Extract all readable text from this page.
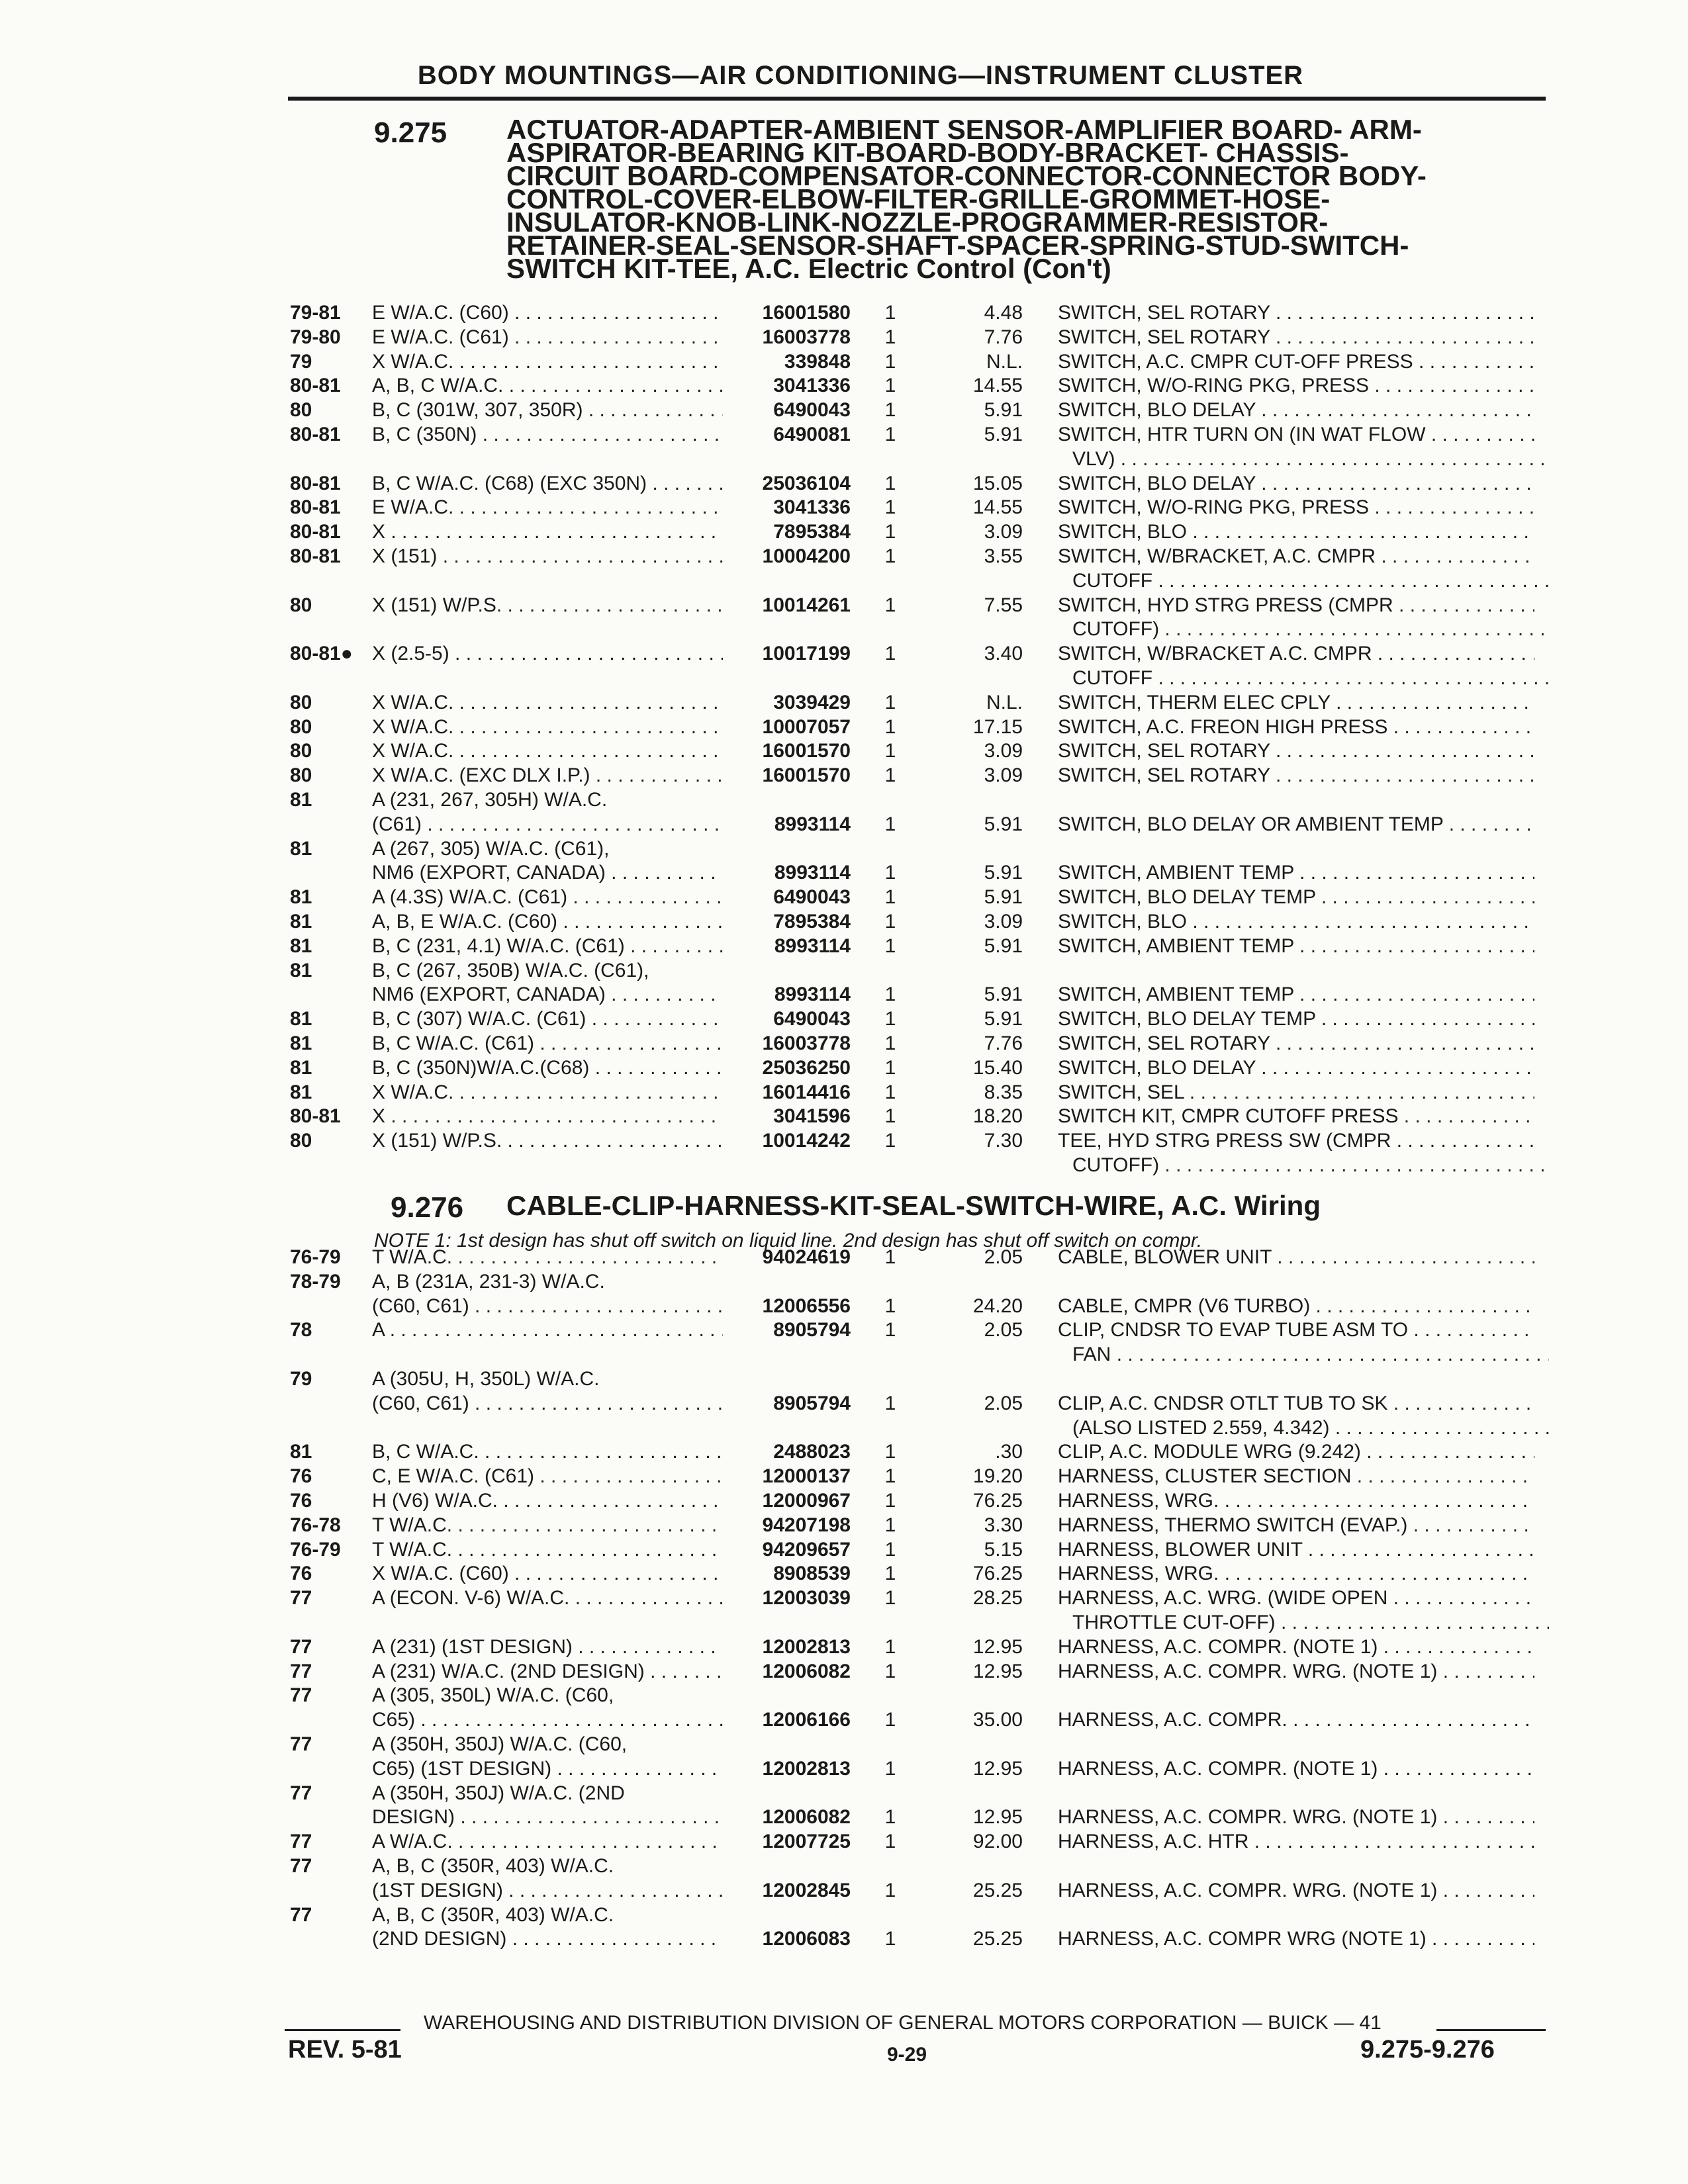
BODY MOUNTINGS—AIR CONDITIONING—INSTRUMENT CLUSTER
9.275 ACTUATOR-ADAPTER-AMBIENT SENSOR-AMPLIFIER BOARD- ARM-
ASPIRATOR-BEARING KIT-BOARD-BODY-BRACKET- CHASSIS-
CIRCUIT BOARD-COMPENSATOR-CONNECTOR-CONNECTOR BODY-
CONTROL-COVER-ELBOW-FILTER-GRILLE-GROMMET-HOSE-
INSULATOR-KNOB-LINK-NOZZLE-PROGRAMMER-RESISTOR-
RETAINER-SEAL-SENSOR-SHAFT-SPACER-SPRING-STUD-SWITCH-
SWITCH KIT-TEE, A.C. Electric Control (Con't)
79-81	E W/A.C. (C60) . . .	16001580 1	4.48 SWITCH, SEL ROTARY . . .
79-80	E W/A.C. (C61) . . .	16003778 1	7.76 SWITCH, SEL ROTARY . . .
79	X W/A.C. . . .	339848 1	N.L. SWITCH, A.C. CMPR CUT-OFF PRESS . . .
80-81	A, B, C W/A.C. . . .	3041336 1	14.55 SWITCH, W/O-RING PKG, PRESS . . .
80	B, C (301W, 307, 350R) . . .	6490043 1	5.91 SWITCH, BLO DELAY . . .
80-81	B, C (350N) . . .	6490081 1	5.91 SWITCH, HTR TURN ON (IN WAT FLOW . . .
VLV) . . .
80-81	B, C W/A.C. (C68) (EXC 350N) . . .	25036104 1	15.05 SWITCH, BLO DELAY . . .
80-81	E W/A.C. . . .	3041336 1	14.55 SWITCH, W/O-RING PKG, PRESS . . .
80-81	X . . .	7895384 1	3.09 SWITCH, BLO . . .
80-81	X (151) . . .	10004200 1	3.55 SWITCH, W/BRACKET, A.C. CMPR . . .
CUTOFF . . .
80	X (151) W/P.S. . . .	10014261 1	7.55 SWITCH, HYD STRG PRESS (CMPR . . .
CUTOFF) . . .
80-81● X (2.5-5) . . .	10017199 1	3.40 SWITCH, W/BRACKET A.C. CMPR . . .
CUTOFF . . .
80	X W/A.C. . . .	3039429 1	N.L. SWITCH, THERM ELEC CPLY . . .
80	X W/A.C. . . .	10007057 1	17.15 SWITCH, A.C. FREON HIGH PRESS . . .
80	X W/A.C. . . .	16001570 1	3.09 SWITCH, SEL ROTARY . . .
80	X W/A.C. (EXC DLX I.P.) . . .	16001570 1	3.09 SWITCH, SEL ROTARY . . .
81	A (231, 267, 305H) W/A.C.
(C61) . . .	8993114 1	5.91 SWITCH, BLO DELAY OR AMBIENT TEMP . . .
81	A (267, 305) W/A.C. (C61),
NM6 (EXPORT, CANADA) . . .	8993114 1	5.91 SWITCH, AMBIENT TEMP . . .
81	A (4.3S) W/A.C. (C61) . . .	6490043 1	5.91 SWITCH, BLO DELAY TEMP . . .
81	A, B, E W/A.C. (C60) . . .	7895384 1	3.09 SWITCH, BLO . . .
81	B, C (231, 4.1) W/A.C. (C61) . . .	8993114 1	5.91 SWITCH, AMBIENT TEMP . . .
81	B, C (267, 350B) W/A.C. (C61),
NM6 (EXPORT, CANADA) . . .	8993114 1	5.91 SWITCH, AMBIENT TEMP . . .
81	B, C (307) W/A.C. (C61) . . .	6490043 1	5.91 SWITCH, BLO DELAY TEMP . . .
81	B, C W/A.C. (C61) . . .	16003778 1	7.76 SWITCH, SEL ROTARY . . .
81	B, C (350N)W/A.C.(C68) . . .	25036250 1	15.40 SWITCH, BLO DELAY . . .
81	X W/A.C. . . .	16014416 1	8.35 SWITCH, SEL . . .
80-81	X . . .	3041596 1	18.20 SWITCH KIT, CMPR CUTOFF PRESS . . .
80	X (151) W/P.S. . . .	10014242 1	7.30 TEE, HYD STRG PRESS SW (CMPR . . .
CUTOFF) . . .
9.276 CABLE-CLIP-HARNESS-KIT-SEAL-SWITCH-WIRE, A.C. Wiring
NOTE 1: 1st design has shut off switch on liquid line. 2nd design has shut off switch on compr.
76-79	T W/A.C. . . .	94024619 1	2.05 CABLE, BLOWER UNIT . . .
78-79	A, B (231A, 231-3) W/A.C.
(C60, C61) . . .	12006556 1	24.20 CABLE, CMPR (V6 TURBO) . . .
78	A . . .	8905794 1	2.05 CLIP, CNDSR TO EVAP TUBE ASM TO . . .
FAN . . .
79	A (305U, H, 350L) W/A.C.
(C60, C61) . . .	8905794 1	2.05 CLIP, A.C. CNDSR OTLT TUB TO SK . . .
(ALSO LISTED 2.559, 4.342) . . .
81	B, C W/A.C. . . .	2488023 1	.30 CLIP, A.C. MODULE WRG (9.242) . . .
76	C, E W/A.C. (C61) . . .	12000137 1	19.20 HARNESS, CLUSTER SECTION . . .
76	H (V6) W/A.C. . . .	12000967 1	76.25 HARNESS, WRG. . . .
76-78	T W/A.C. . . .	94207198 1	3.30 HARNESS, THERMO SWITCH (EVAP.) . . .
76-79	T W/A.C. . . .	94209657 1	5.15 HARNESS, BLOWER UNIT . . .
76	X W/A.C. (C60) . . .	8908539 1	76.25 HARNESS, WRG. . . .
77	A (ECON. V-6) W/A.C. . . .	12003039 1	28.25 HARNESS, A.C. WRG. (WIDE OPEN . . .
THROTTLE CUT-OFF) . . .
77	A (231) (1ST DESIGN) . . .	12002813 1	12.95 HARNESS, A.C. COMPR. (NOTE 1) . . .
77	A (231) W/A.C. (2ND DESIGN) . . .	12006082 1	12.95 HARNESS, A.C. COMPR. WRG. (NOTE 1) . . .
77	A (305, 350L) W/A.C. (C60,
C65) . . .	12006166 1	35.00 HARNESS, A.C. COMPR. . . .
77	A (350H, 350J) W/A.C. (C60,
C65) (1ST DESIGN) . . .	12002813 1	12.95 HARNESS, A.C. COMPR. (NOTE 1) . . .
77	A (350H, 350J) W/A.C. (2ND
DESIGN) . . .	12006082 1	12.95 HARNESS, A.C. COMPR. WRG. (NOTE 1) . . .
77	A W/A.C. . . .	12007725 1	92.00 HARNESS, A.C. HTR . . .
77	A, B, C (350R, 403) W/A.C.
(1ST DESIGN) . . .	12002845 1	25.25 HARNESS, A.C. COMPR. WRG. (NOTE 1) . . .
77	A, B, C (350R, 403) W/A.C.
(2ND DESIGN) . . .	12006083 1	25.25 HARNESS, A.C. COMPR WRG (NOTE 1) . . .
WAREHOUSING AND DISTRIBUTION DIVISION OF GENERAL MOTORS CORPORATION — BUICK — 41
REV. 5-81	9-29	9.275-9.276
